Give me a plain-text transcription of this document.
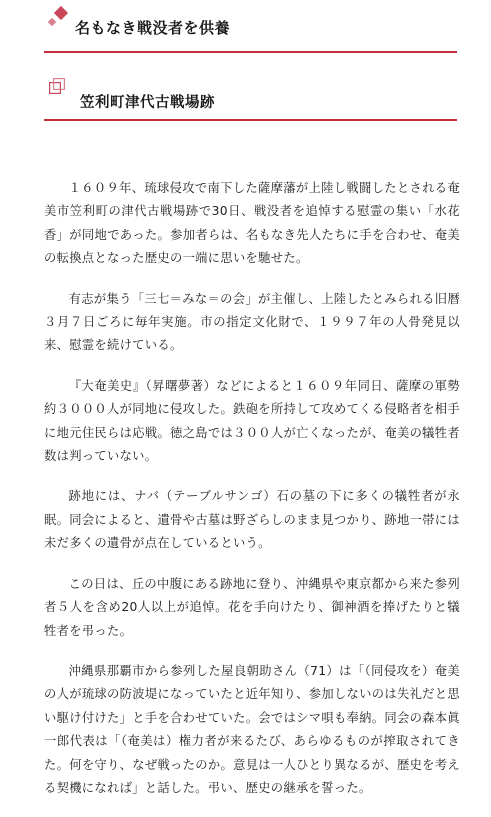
名もなき戦没者を供養
笠利町津代古戦場跡

１６０９年、琉球侵攻で南下した薩摩藩が上陸し戦闘したとされる奄美市笠利町の津代古戦場跡で30日、戦没者を追悼する慰霊の集い「水花香」が同地であった。参加者らは、名もなき先人たちに手を合わせ、奄美の転換点となった歴史の一端に思いを馳せた。

有志が集う「三七＝みな＝の会」が主催し、上陸したとみられる旧暦３月７日ごろに毎年実施。市の指定文化財で、１９９７年の人骨発見以来、慰霊を続けている。

『大奄美史』（昇曙夢著）などによると１６０９年同日、薩摩の軍勢約３０００人が同地に侵攻した。鉄砲を所持して攻めてくる侵略者を相手に地元住民らは応戦。徳之島では３００人が亡くなったが、奄美の犠牲者数は判っていない。

跡地には、ナバ（テーブルサンゴ）石の墓の下に多くの犠牲者が永眠。同会によると、遺骨や古墓は野ざらしのまま見つかり、跡地一帯には未だ多くの遺骨が点在しているという。

この日は、丘の中腹にある跡地に登り、沖縄県や東京都から来た参列者５人を含め20人以上が追悼。花を手向けたり、御神酒を捧げたりと犠牲者を弔った。

沖縄県那覇市から参列した屋良朝助さん（71）は「（同侵攻を）奄美の人が琉球の防波堤になっていたと近年知り、参加しないのは失礼だと思い駆け付けた」と手を合わせていた。会ではシマ唄も奉納。同会の森本眞一郎代表は「（奄美は）権力者が来るたび、あらゆるものが搾取されてきた。何を守り、なぜ戦ったのか。意見は一人ひとり異なるが、歴史を考える契機になれば」と話した。弔い、歴史の継承を誓った。
